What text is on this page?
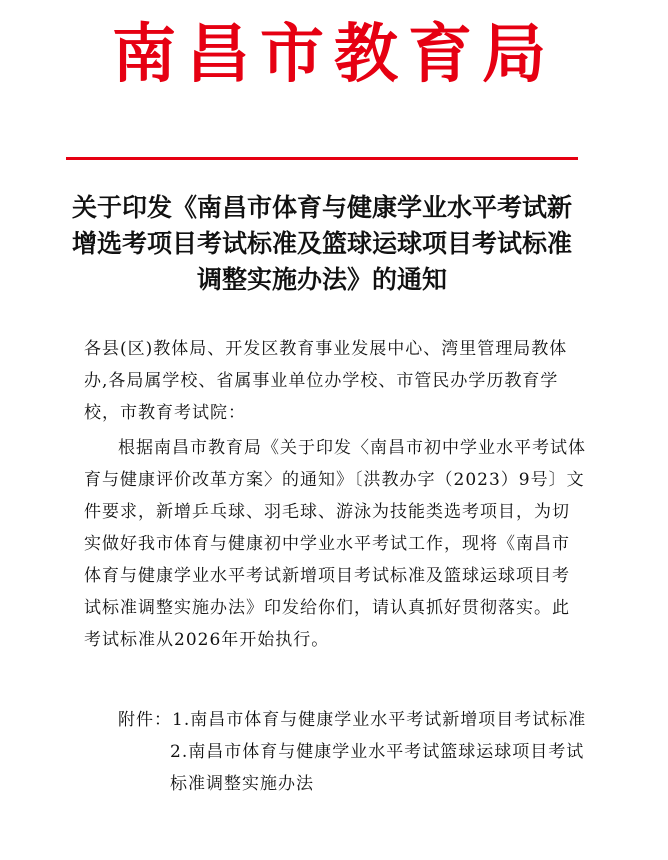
南昌市教育局
关于印发《南昌市体育与健康学业水平考试新增选考项目考试标准及篮球运球项目考试标准调整实施办法》的通知

各县(区)教体局、开发区教育事业发展中心、湾里管理局教体办,各局属学校、省属事业单位办学校、市管民办学历教育学校，市教育考试院：

根据南昌市教育局《关于印发〈南昌市初中学业水平考试体育与健康评价改革方案〉的通知》〔洪教办字（2023）9号〕文件要求，新增乒乓球、羽毛球、游泳为技能类选考项目，为切实做好我市体育与健康初中学业水平考试工作，现将《南昌市体育与健康学业水平考试新增项目考试标准及篮球运球项目考试标准调整实施办法》印发给你们，请认真抓好贯彻落实。此考试标准从2026年开始执行。

附件： 1.南昌市体育与健康学业水平考试新增项目考试标准
2.南昌市体育与健康学业水平考试篮球运球项目考试标准调整实施办法
